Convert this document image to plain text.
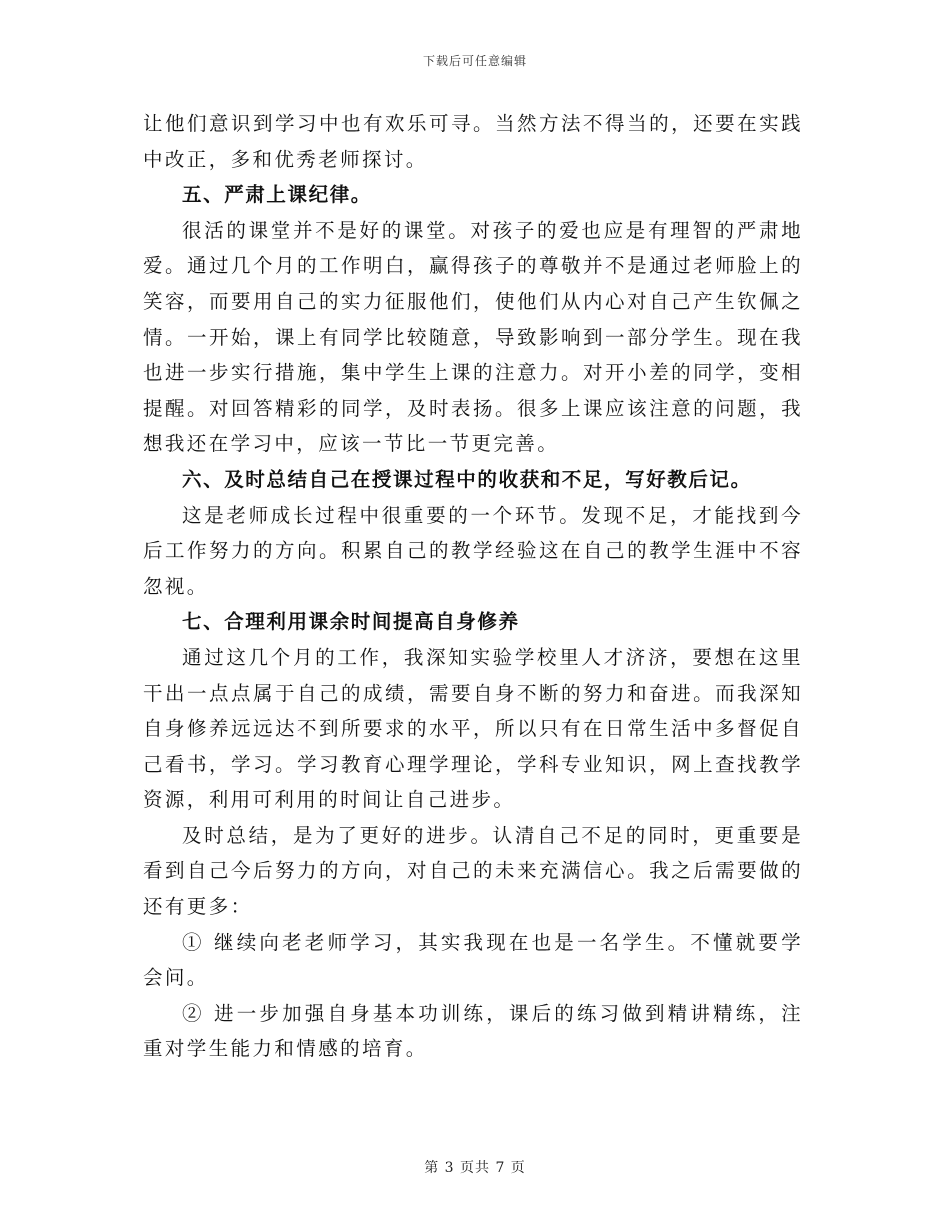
下载后可任意编辑

让他们意识到学习中也有欢乐可寻。当然方法不得当的，还要在实践中改正，多和优秀老师探讨。

五、严肃上课纪律。

很活的课堂并不是好的课堂。对孩子的爱也应是有理智的严肃地爱。通过几个月的工作明白，赢得孩子的尊敬并不是通过老师脸上的笑容，而要用自己的实力征服他们，使他们从内心对自己产生钦佩之情。一开始，课上有同学比较随意，导致影响到一部分学生。现在我也进一步实行措施，集中学生上课的注意力。对开小差的同学，变相提醒。对回答精彩的同学，及时表扬。很多上课应该注意的问题，我想我还在学习中，应该一节比一节更完善。

六、及时总结自己在授课过程中的收获和不足，写好教后记。

这是老师成长过程中很重要的一个环节。发现不足，才能找到今后工作努力的方向。积累自己的教学经验这在自己的教学生涯中不容忽视。

七、合理利用课余时间提高自身修养

通过这几个月的工作，我深知实验学校里人才济济，要想在这里干出一点点属于自己的成绩，需要自身不断的努力和奋进。而我深知自身修养远远达不到所要求的水平，所以只有在日常生活中多督促自己看书，学习。学习教育心理学理论，学科专业知识，网上查找教学资源，利用可利用的时间让自己进步。

及时总结，是为了更好的进步。认清自己不足的同时，更重要是看到自己今后努力的方向，对自己的未来充满信心。我之后需要做的还有更多：

① 继续向老老师学习，其实我现在也是一名学生。不懂就要学会问。

② 进一步加强自身基本功训练，课后的练习做到精讲精练，注重对学生能力和情感的培育。

第 3 页共 7 页
